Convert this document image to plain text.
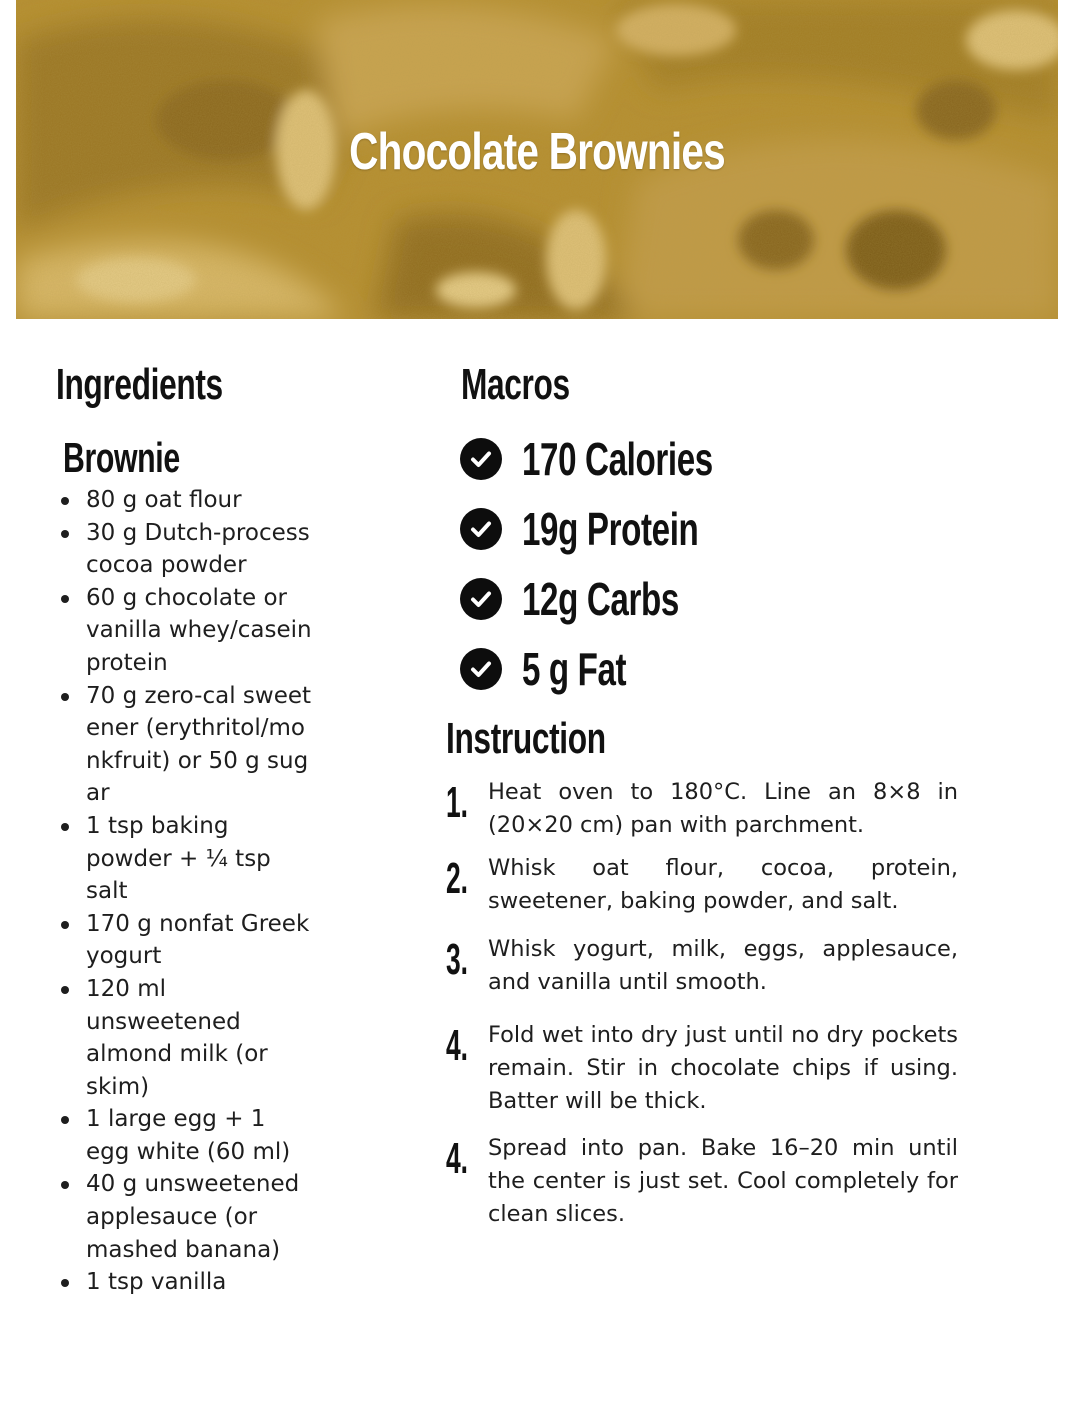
Chocolate Brownies
Ingredients
Brownie
80 g oat flour
30 g Dutch-process cocoa powder
60 g chocolate or vanilla whey/casein protein
70 g zero-cal sweetener (erythritol/monkfruit) or 50 g sugar
1 tsp baking powder + ¼ tsp salt
170 g nonfat Greek yogurt
120 ml unsweetened almond milk (or skim)
1 large egg + 1 egg white (60 ml)
40 g unsweetened applesauce (or mashed banana)
1 tsp vanilla
Macros
170 Calories
19g Protein
12g Carbs
5 g Fat
Instruction
1. Heat oven to 180°C. Line an 8×8 in (20×20 cm) pan with parchment.
2. Whisk oat flour, cocoa, protein, sweetener, baking powder, and salt.
3. Whisk yogurt, milk, eggs, applesauce, and vanilla until smooth.
4. Fold wet into dry just until no dry pockets remain. Stir in chocolate chips if using. Batter will be thick.
4. Spread into pan. Bake 16–20 min until the center is just set. Cool completely for clean slices.
